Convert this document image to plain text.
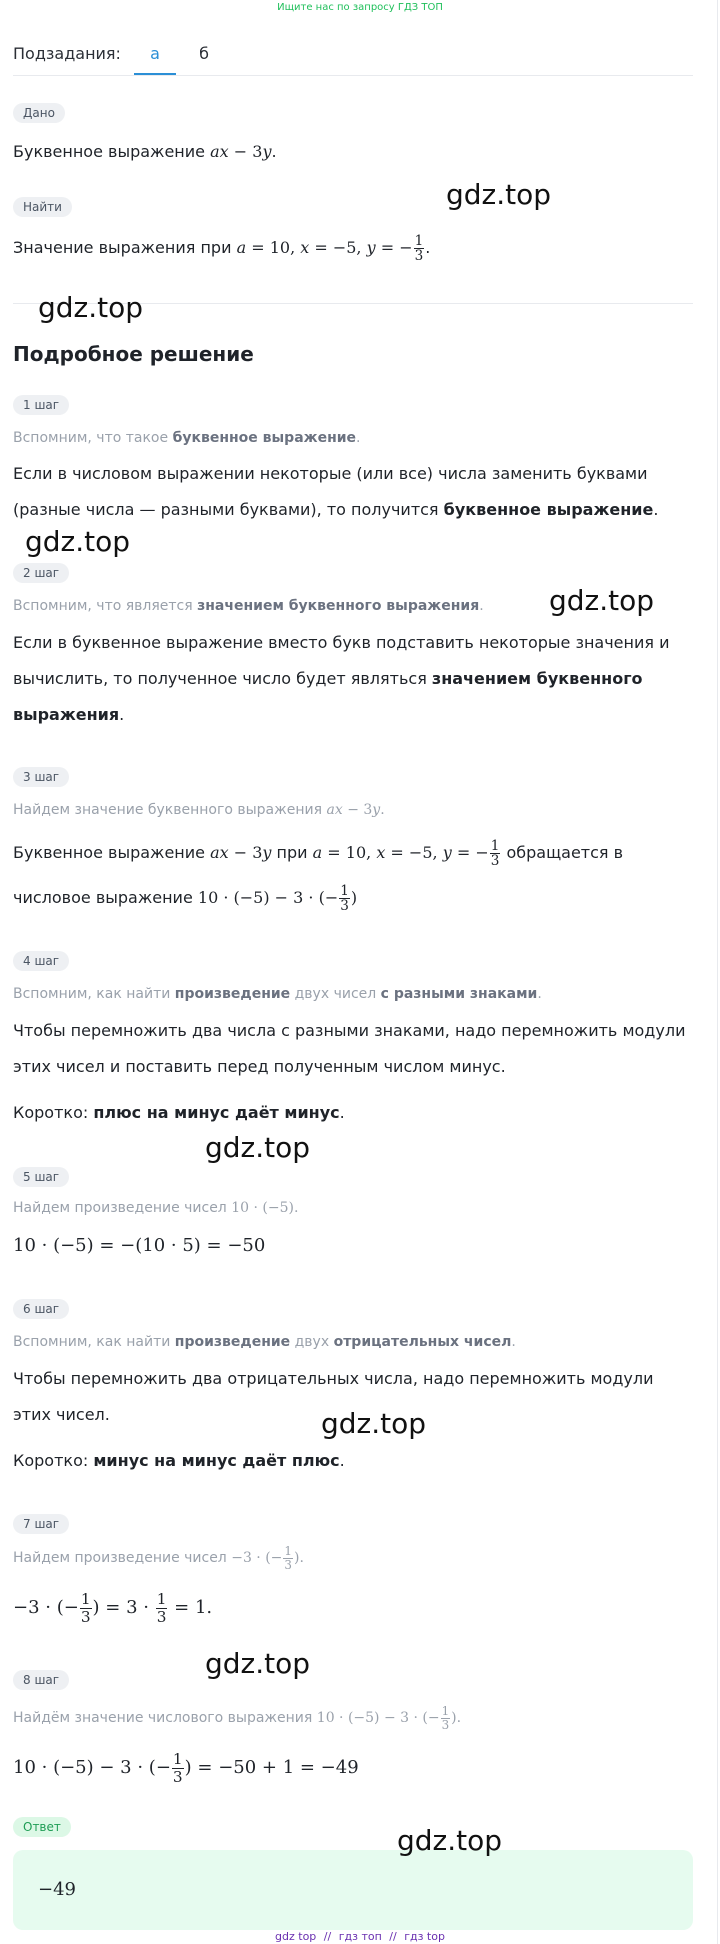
Ищите нас по запросу ГДЗ ТОП
Подзадания:	а	б
Дано
Буквенное выражение ax − 3y.
Найти
Значение выражения при a = 10, x = −5, y = − $\frac{1}{3}$ .
gdz.top
gdz.top
Подробное решение
1 шаг
Вспомним, что такое буквенное выражение.
Если в числовом выражении некоторые (или все) числа заменить буквами
(разные числа — разными буквами), то получится буквенное выражение.
gdz.top
2 шаг
Вспомним, что является значением буквенного выражения. gdz.top
Если в буквенное выражение вместо букв подставить некоторые значения и
вычислить, то полученное число будет являться значением буквенного
выражения.
3 шаг
Найдем значение буквенного выражения ax − 3y.
Буквенное выражение ax − 3y при a = 10, x = −5, y = − $\frac{1}{3}$ обращается в
числовое выражение 10 · (−5) − 3 · (− $\frac{1}{3}$ )
4 шаг
Вспомним, как найти произведение двух чисел с разными знаками.
Чтобы перемножить два числа с разными знаками, надо перемножить модули
этих чисел и поставить перед полученным числом минус.
Коротко: плюс на минус даёт минус.
gdz.top
5 шаг
Найдем произведение чисел 10 · (−5).
10 · (−5) = −(10 · 5) = −50
6 шаг
Вспомним, как найти произведение двух отрицательных чисел.
Чтобы перемножить два отрицательных числа, надо перемножить модули
этих чисел.	gdz.top
Коротко: минус на минус даёт плюс.
7 шаг
Найдем произведение чисел −3 · (− $\frac{1}{3}$ ).
−3 · (− $\frac{1}{3}$ ) = $3 \cdot \frac{1}{3} = 1$.
gdz.top
8 шаг
Найдём значение числового выражения 10 · (−5) − 3 · (− $\frac{1}{3}$ ).
10 · (−5) − 3 · (− $\frac{1}{3}$ ) = −50 + 1 = −49
Ответ
−49
gdz.top
gdz top // гдз топ // гдз top
